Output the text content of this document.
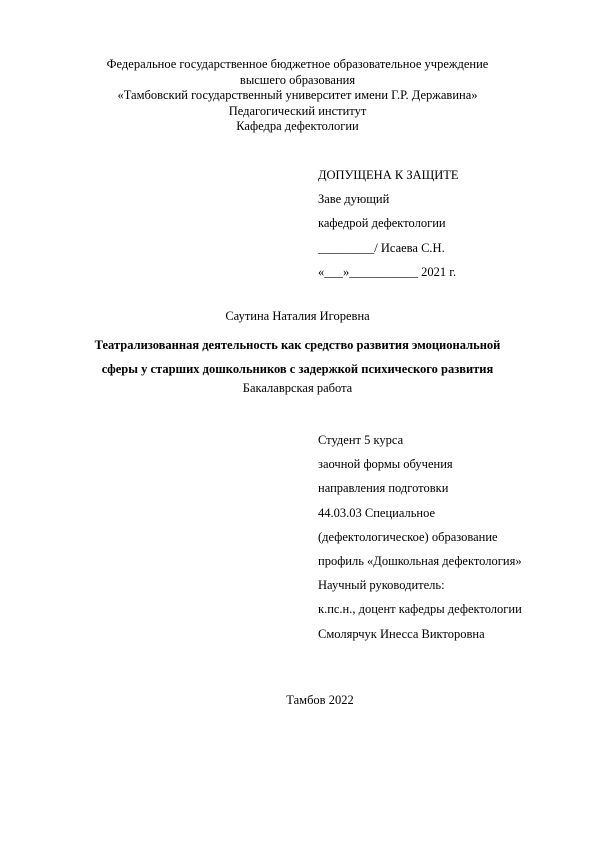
Федеральное государственное бюджетное образовательное учреждение
высшего образования
«Тамбовский государственный университет имени Г.Р. Державина»
Педагогический институт
Кафедра дефектологии
ДОПУЩЕНА К ЗАЩИТЕ
Заве дующий
кафедрой дефектологии
_________/ Исаева С.Н.
«___»___________ 2021 г.
Саутина Наталия Игоревна
Театрализованная деятельность как средство развития эмоциональной
сферы у старших дошкольников с задержкой психического развития
Бакалаврская работа
Студент 5 курса
заочной формы обучения
направления подготовки
44.03.03 Специальное
(дефектологическое) образование
профиль «Дошкольная дефектология»
Научный руководитель:
к.пс.н., доцент кафедры дефектологии
Смолярчук Инесса Викторовна
Тамбов 2022
